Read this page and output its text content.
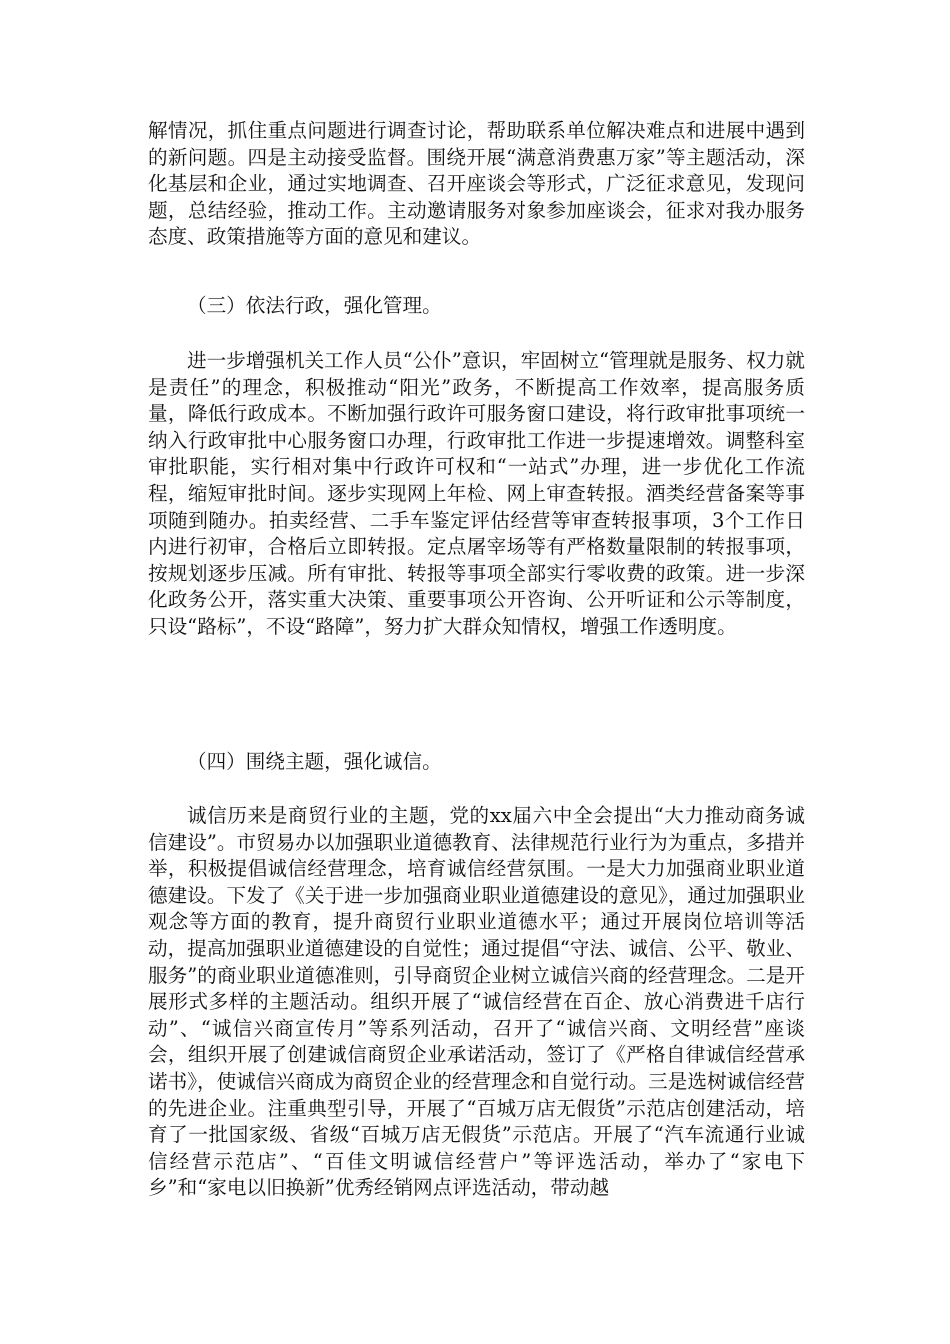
解情况，抓住重点问题进行调查讨论，帮助联系单位解决难点和进展中遇到的新问题。四是主动接受监督。围绕开展“满意消费惠万家”等主题活动，深化基层和企业，通过实地调查、召开座谈会等形式，广泛征求意见，发现问题，总结经验，推动工作。主动邀请服务对象参加座谈会，征求对我办服务态度、政策措施等方面的意见和建议。

（三）依法行政，强化管理。

进一步增强机关工作人员“公仆”意识，牢固树立“管理就是服务、权力就是责任”的理念，积极推动“阳光”政务，不断提高工作效率，提高服务质量，降低行政成本。不断加强行政许可服务窗口建设，将行政审批事项统一纳入行政审批中心服务窗口办理，行政审批工作进一步提速增效。调整科室审批职能，实行相对集中行政许可权和“一站式”办理，进一步优化工作流程，缩短审批时间。逐步实现网上年检、网上审查转报。酒类经营备案等事项随到随办。拍卖经营、二手车鉴定评估经营等审查转报事项，3个工作日内进行初审，合格后立即转报。定点屠宰场等有严格数量限制的转报事项，按规划逐步压减。所有审批、转报等事项全部实行零收费的政策。进一步深化政务公开，落实重大决策、重要事项公开咨询、公开听证和公示等制度，只设“路标”，不设“路障”，努力扩大群众知情权，增强工作透明度。

（四）围绕主题，强化诚信。

诚信历来是商贸行业的主题，党的xx届六中全会提出“大力推动商务诚信建设”。市贸易办以加强职业道德教育、法律规范行业行为为重点，多措并举，积极提倡诚信经营理念，培育诚信经营氛围。一是大力加强商业职业道德建设。下发了《关于进一步加强商业职业道德建设的意见》，通过加强职业观念等方面的教育，提升商贸行业职业道德水平；通过开展岗位培训等活动，提高加强职业道德建设的自觉性；通过提倡“守法、诚信、公平、敬业、服务”的商业职业道德准则，引导商贸企业树立诚信兴商的经营理念。二是开展形式多样的主题活动。组织开展了“诚信经营在百企、放心消费进千店行动”、“诚信兴商宣传月”等系列活动，召开了“诚信兴商、文明经营”座谈会，组织开展了创建诚信商贸企业承诺活动，签订了《严格自律诚信经营承诺书》，使诚信兴商成为商贸企业的经营理念和自觉行动。三是选树诚信经营的先进企业。注重典型引导，开展了“百城万店无假货”示范店创建活动，培育了一批国家级、省级“百城万店无假货”示范店。开展了“汽车流通行业诚信经营示范店”、“百佳文明诚信经营户”等评选活动，举办了“家电下乡”和“家电以旧换新”优秀经销网点评选活动，带动越
